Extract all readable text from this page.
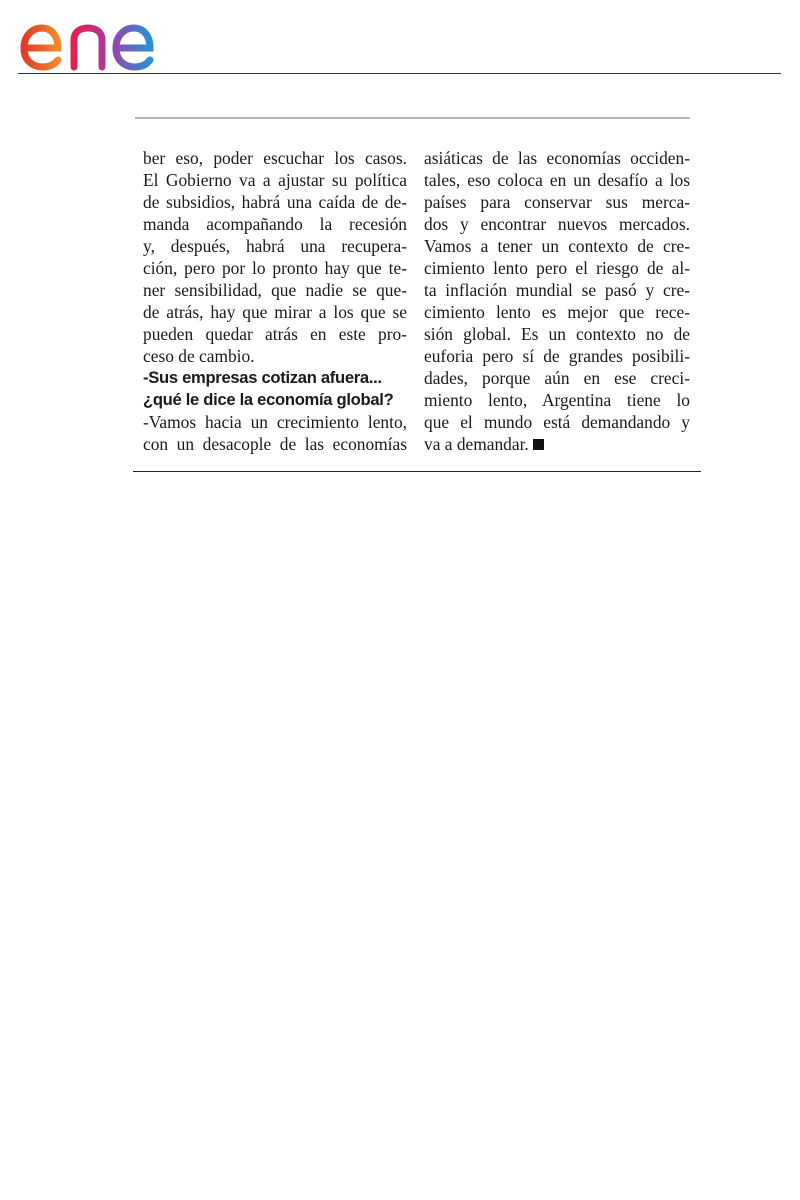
ber eso, poder escuchar los casos.
El Gobierno va a ajustar su política
de subsidios, habrá una caída de de-
manda acompañando la recesión
y, después, habrá una recupera-
ción, pero por lo pronto hay que te-
ner sensibilidad, que nadie se que-
de atrás, hay que mirar a los que se
pueden quedar atrás en este pro-
ceso de cambio.
-Sus empresas cotizan afuera...
¿qué le dice la economía global?
-Vamos hacia un crecimiento lento,
con un desacople de las economías
asiáticas de las economías occiden-
tales, eso coloca en un desafío a los
países para conservar sus merca-
dos y encontrar nuevos mercados.
Vamos a tener un contexto de cre-
cimiento lento pero el riesgo de al-
ta inflación mundial se pasó y cre-
cimiento lento es mejor que rece-
sión global. Es un contexto no de
euforia pero sí de grandes posibili-
dades, porque aún en ese creci-
miento lento, Argentina tiene lo
que el mundo está demandando y
va a demandar.
